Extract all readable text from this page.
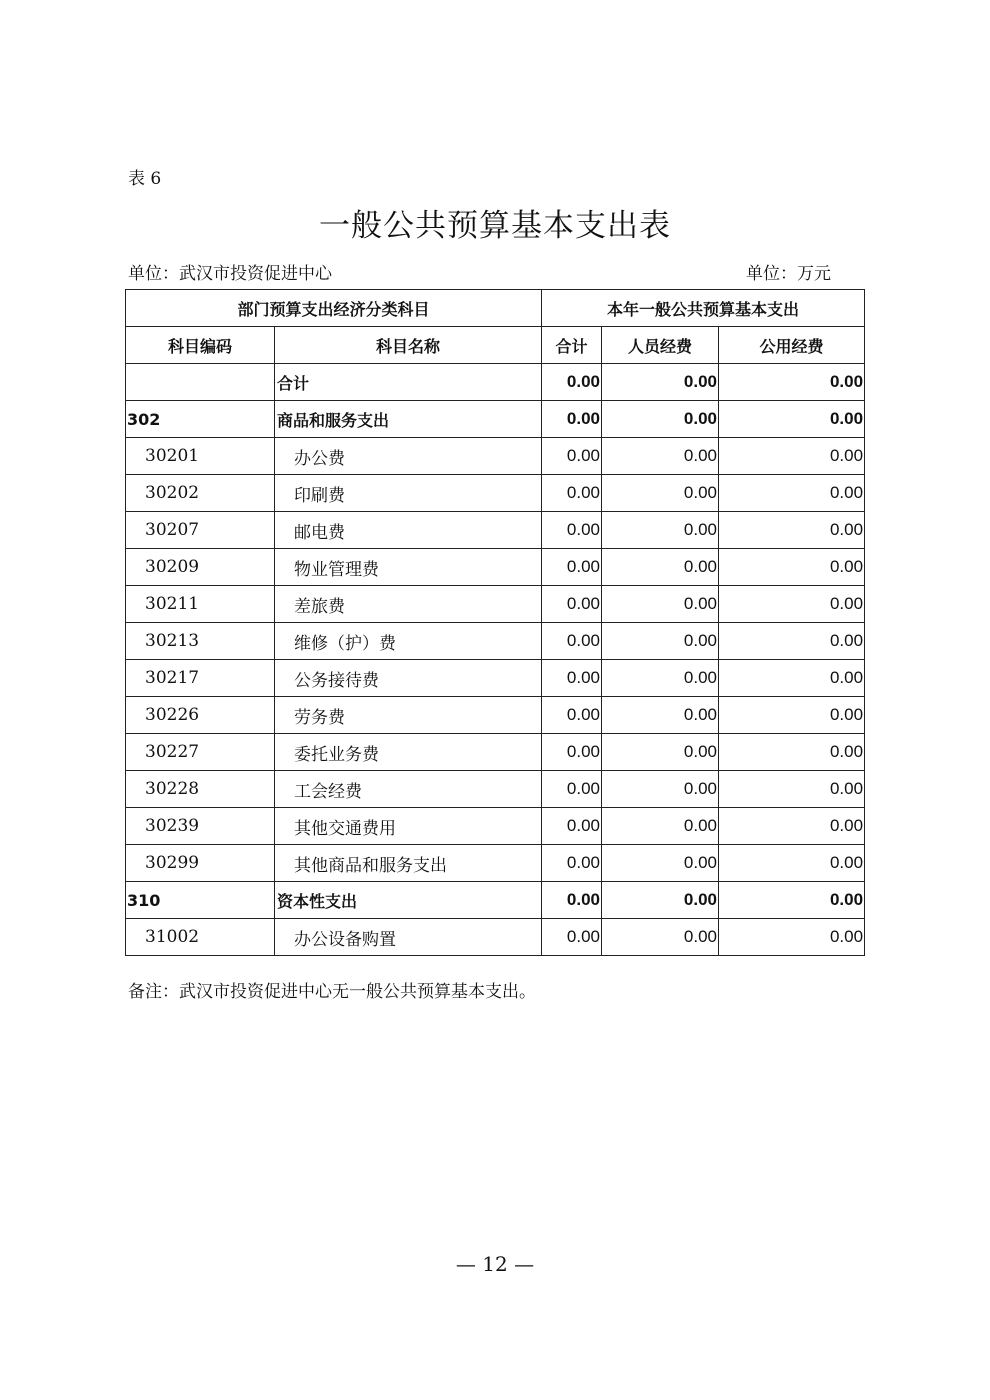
表 6
一般公共预算基本支出表
单位：武汉市投资促进中心	单位：万元
部门预算支出经济分类科目		本年一般公共预算基本支出		
科目编码	科目名称	合计	人员经费	公用经费
	合计	0.00	0.00	0.00
302	商品和服务支出	0.00	0.00	0.00
30201	办公费	0.00	0.00	0.00
30202	印刷费	0.00	0.00	0.00
30207	邮电费	0.00	0.00	0.00
30209	物业管理费	0.00	0.00	0.00
30211	差旅费	0.00	0.00	0.00
30213	维修（护）费	0.00	0.00	0.00
30217	公务接待费	0.00	0.00	0.00
30226	劳务费	0.00	0.00	0.00
30227	委托业务费	0.00	0.00	0.00
30228	工会经费	0.00	0.00	0.00
30239	其他交通费用	0.00	0.00	0.00
30299	其他商品和服务支出	0.00	0.00	0.00
310	资本性支出	0.00	0.00	0.00
31002	办公设备购置	0.00	0.00	0.00
备注：武汉市投资促进中心无一般公共预算基本支出。
— 12 —
